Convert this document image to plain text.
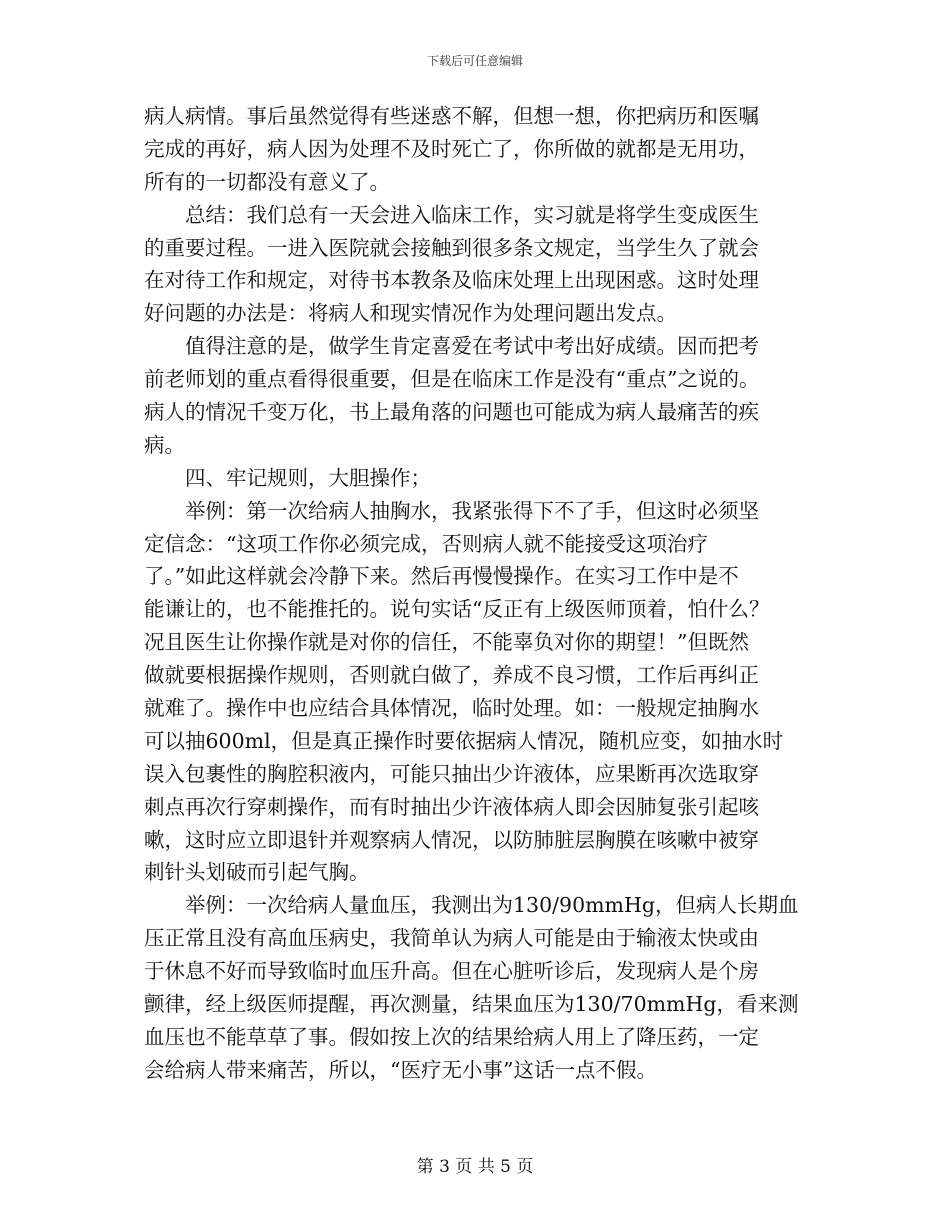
下载后可任意编辑
病人病情。事后虽然觉得有些迷惑不解，但想一想，你把病历和医嘱
完成的再好，病人因为处理不及时死亡了，你所做的就都是无用功，
所有的一切都没有意义了。
总结：我们总有一天会进入临床工作，实习就是将学生变成医生
的重要过程。一进入医院就会接触到很多条文规定，当学生久了就会
在对待工作和规定，对待书本教条及临床处理上出现困惑。这时处理
好问题的办法是：将病人和现实情况作为处理问题出发点。
值得注意的是，做学生肯定喜爱在考试中考出好成绩。因而把考
前老师划的重点看得很重要，但是在临床工作是没有“重点”之说的。
病人的情况千变万化，书上最角落的问题也可能成为病人最痛苦的疾
病。
四、牢记规则，大胆操作；
举例：第一次给病人抽胸水，我紧张得下不了手，但这时必须坚
定信念：“这项工作你必须完成，否则病人就不能接受这项治疗
了。”如此这样就会冷静下来。然后再慢慢操作。在实习工作中是不
能谦让的，也不能推托的。说句实话“反正有上级医师顶着，怕什么？
况且医生让你操作就是对你的信任，不能辜负对你的期望！”但既然
做就要根据操作规则，否则就白做了，养成不良习惯，工作后再纠正
就难了。操作中也应结合具体情况，临时处理。如：一般规定抽胸水
可以抽600ml，但是真正操作时要依据病人情况，随机应变，如抽水时
误入包裹性的胸腔积液内，可能只抽出少许液体，应果断再次选取穿
刺点再次行穿刺操作，而有时抽出少许液体病人即会因肺复张引起咳
嗽，这时应立即退针并观察病人情况，以防肺脏层胸膜在咳嗽中被穿
刺针头划破而引起气胸。
举例：一次给病人量血压，我测出为130/90mmHg，但病人长期血
压正常且没有高血压病史，我简单认为病人可能是由于输液太快或由
于休息不好而导致临时血压升高。但在心脏听诊后，发现病人是个房
颤律，经上级医师提醒，再次测量，结果血压为130/70mmHg，看来测
血压也不能草草了事。假如按上次的结果给病人用上了降压药，一定
会给病人带来痛苦，所以，“医疗无小事”这话一点不假。
第 3 页 共 5 页
